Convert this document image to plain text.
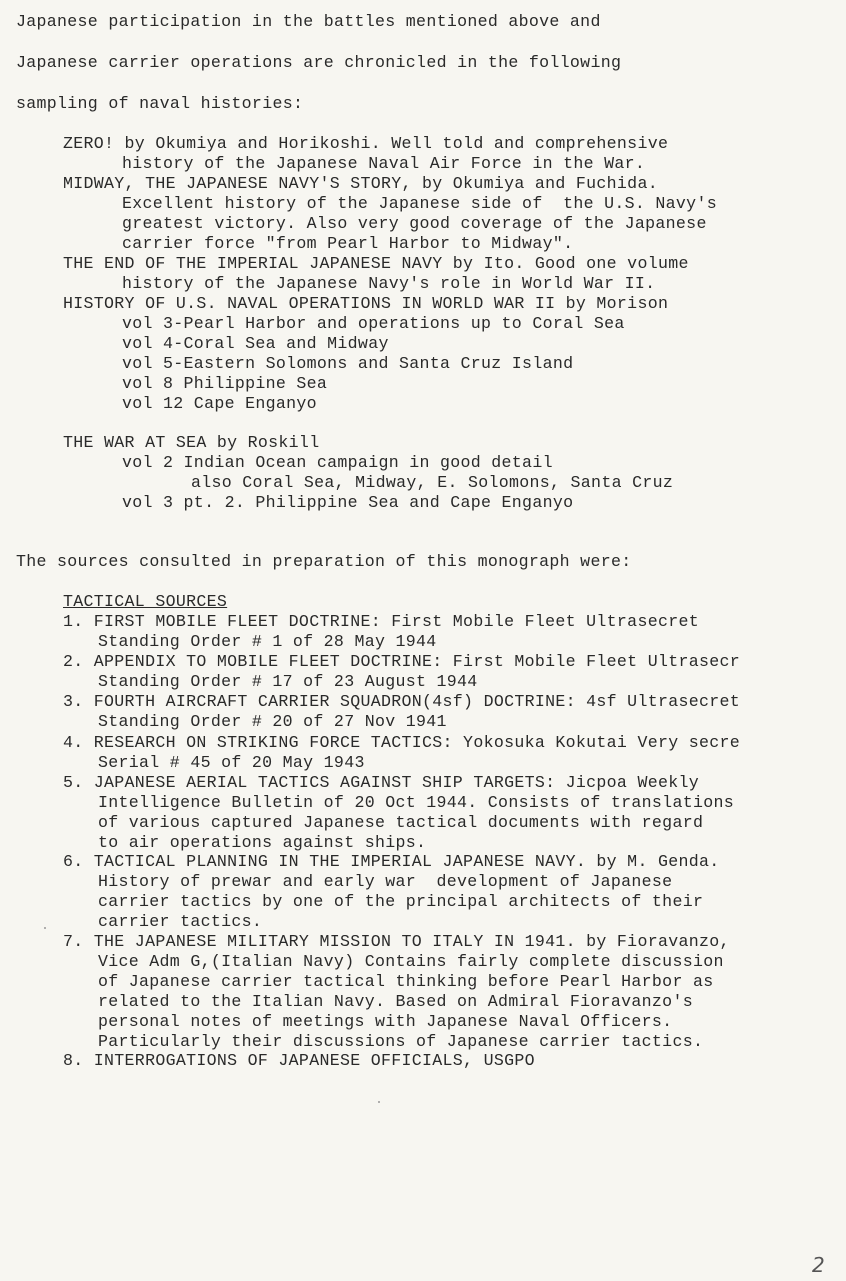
Japanese participation in the battles mentioned above and
Japanese carrier operations are chronicled in the following
sampling of naval histories:
ZERO! by Okumiya and Horikoshi. Well told and comprehensive
history of the Japanese Naval Air Force in the War.
MIDWAY, THE JAPANESE NAVY'S STORY, by Okumiya and Fuchida.
Excellent history of the Japanese side of  the U.S. Navy's
greatest victory. Also very good coverage of the Japanese
carrier force "from Pearl Harbor to Midway".
THE END OF THE IMPERIAL JAPANESE NAVY by Ito. Good one volume
history of the Japanese Navy's role in World War II.
HISTORY OF U.S. NAVAL OPERATIONS IN WORLD WAR II by Morison
vol 3-Pearl Harbor and operations up to Coral Sea
vol 4-Coral Sea and Midway
vol 5-Eastern Solomons and Santa Cruz Island
vol 8 Philippine Sea
vol 12 Cape Enganyo
THE WAR AT SEA by Roskill
vol 2 Indian Ocean campaign in good detail
also Coral Sea, Midway, E. Solomons, Santa Cruz
vol 3 pt. 2. Philippine Sea and Cape Enganyo
The sources consulted in preparation of this monograph were:
TACTICAL SOURCES
1. FIRST MOBILE FLEET DOCTRINE: First Mobile Fleet Ultrasecret
Standing Order # 1 of 28 May 1944
2. APPENDIX TO MOBILE FLEET DOCTRINE: First Mobile Fleet Ultrasecr
Standing Order # 17 of 23 August 1944
3. FOURTH AIRCRAFT CARRIER SQUADRON(4sf) DOCTRINE: 4sf Ultrasecret
Standing Order # 20 of 27 Nov 1941
4. RESEARCH ON STRIKING FORCE TACTICS: Yokosuka Kokutai Very secre
Serial # 45 of 20 May 1943
5. JAPANESE AERIAL TACTICS AGAINST SHIP TARGETS: Jicpoa Weekly
Intelligence Bulletin of 20 Oct 1944. Consists of translations
of various captured Japanese tactical documents with regard
to air operations against ships.
6. TACTICAL PLANNING IN THE IMPERIAL JAPANESE NAVY. by M. Genda.
History of prewar and early war  development of Japanese
carrier tactics by one of the principal architects of their
carrier tactics.
7. THE JAPANESE MILITARY MISSION TO ITALY IN 1941. by Fioravanzo,
Vice Adm G,(Italian Navy) Contains fairly complete discussion
of Japanese carrier tactical thinking before Pearl Harbor as
related to the Italian Navy. Based on Admiral Fioravanzo's
personal notes of meetings with Japanese Naval Officers.
Particularly their discussions of Japanese carrier tactics.
8. INTERROGATIONS OF JAPANESE OFFICIALS, USGPO
2
